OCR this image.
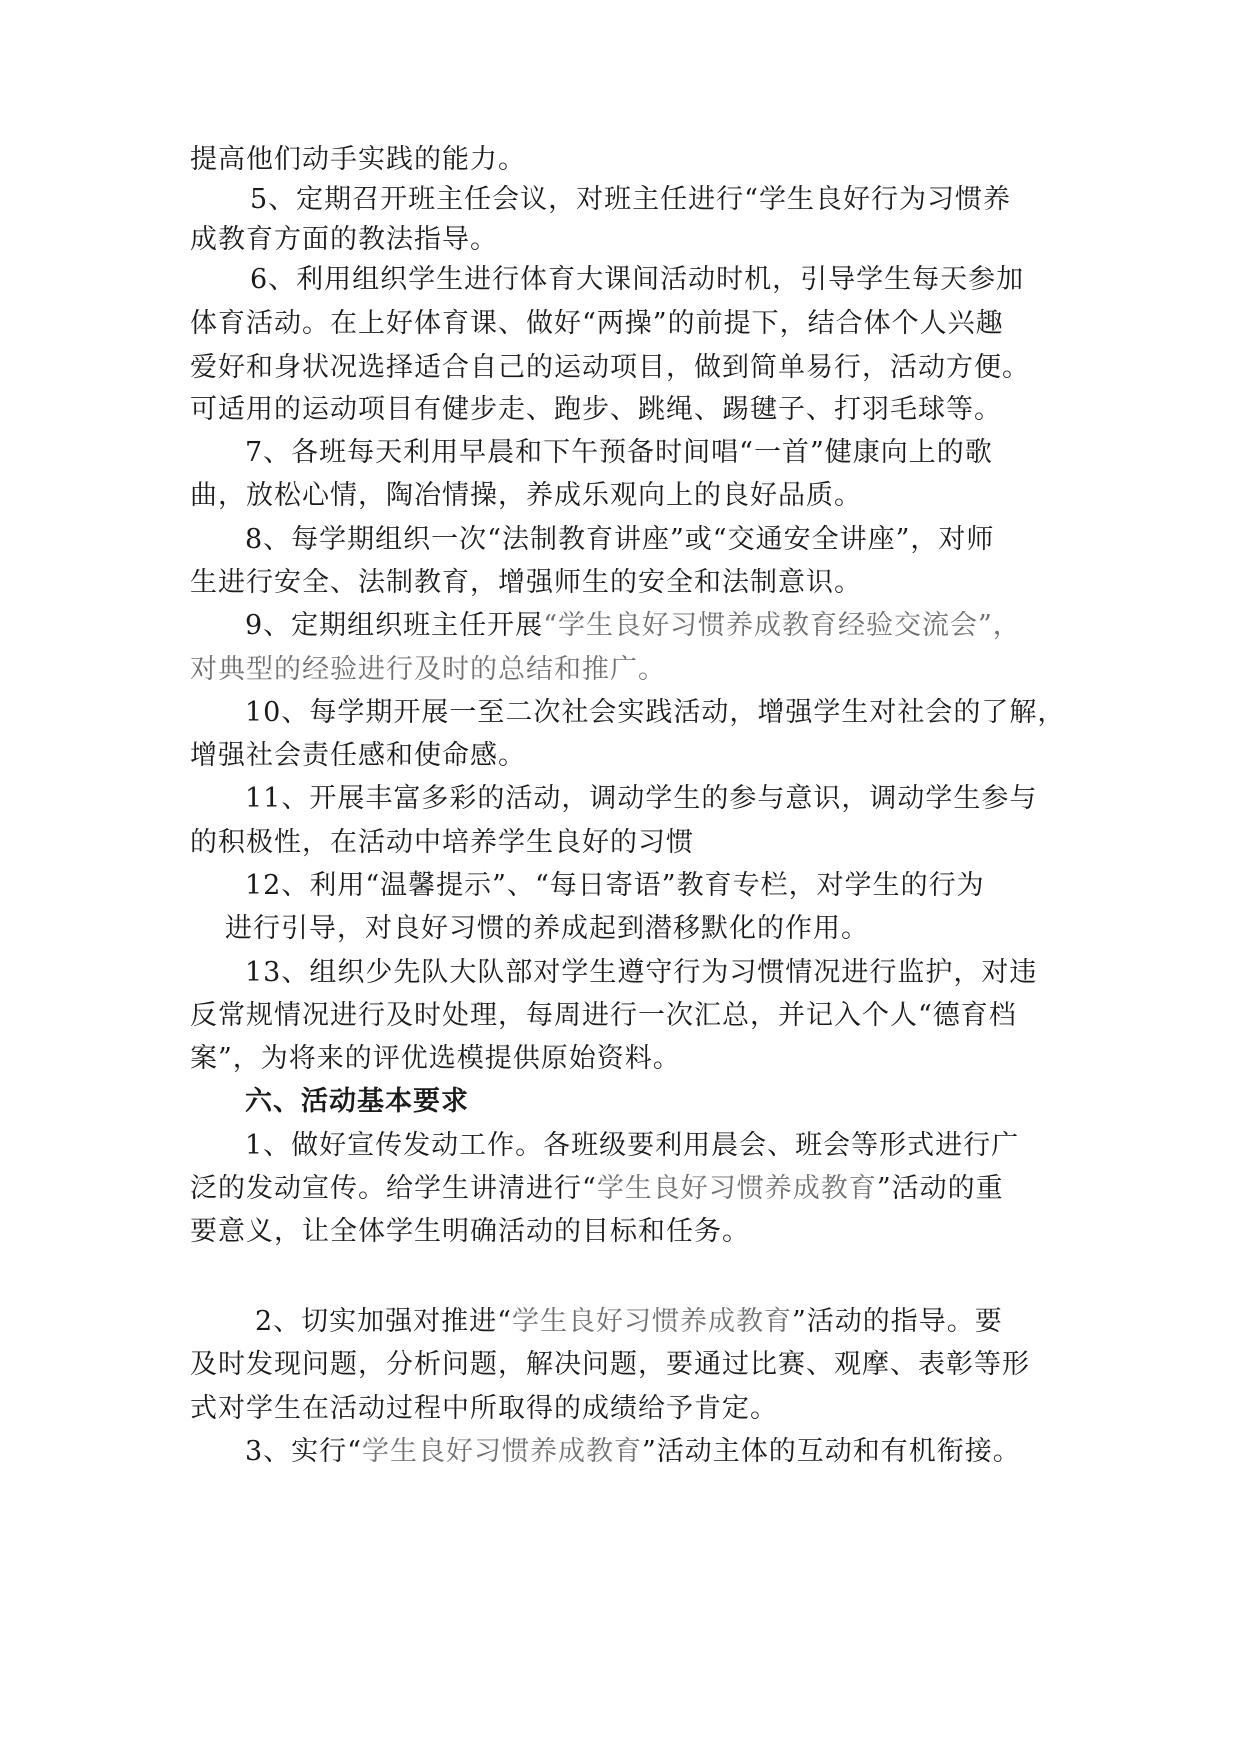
提高他们动手实践的能力。
5、定期召开班主任会议，对班主任进行“学生良好行为习惯养
成教育方面的教法指导。
6、利用组织学生进行体育大课间活动时机，引导学生每天参加
体育活动。在上好体育课、做好“两操”的前提下，结合体个人兴趣
爱好和身状况选择适合自己的运动项目，做到简单易行，活动方便。
可适用的运动项目有健步走、跑步、跳绳、踢毽子、打羽毛球等。
7、各班每天利用早晨和下午预备时间唱“一首”健康向上的歌
曲，放松心情，陶冶情操，养成乐观向上的良好品质。
8、每学期组织一次“法制教育讲座”或“交通安全讲座”，对师
生进行安全、法制教育，增强师生的安全和法制意识。
9、定期组织班主任开展“学生良好习惯养成教育经验交流会”，
对典型的经验进行及时的总结和推广。
10、每学期开展一至二次社会实践活动，增强学生对社会的了解，
增强社会责任感和使命感。
11、开展丰富多彩的活动，调动学生的参与意识，调动学生参与
的积极性，在活动中培养学生良好的习惯
12、利用“温馨提示”、“每日寄语”教育专栏，对学生的行为
进行引导，对良好习惯的养成起到潜移默化的作用。
13、组织少先队大队部对学生遵守行为习惯情况进行监护，对违
反常规情况进行及时处理，每周进行一次汇总，并记入个人“德育档
案”，为将来的评优选模提供原始资料。
六、活动基本要求
1、做好宣传发动工作。各班级要利用晨会、班会等形式进行广
泛的发动宣传。给学生讲清进行“学生良好习惯养成教育”活动的重
要意义，让全体学生明确活动的目标和任务。
2、切实加强对推进“学生良好习惯养成教育”活动的指导。要
及时发现问题，分析问题，解决问题，要通过比赛、观摩、表彰等形
式对学生在活动过程中所取得的成绩给予肯定。
3、实行“学生良好习惯养成教育”活动主体的互动和有机衔接。
